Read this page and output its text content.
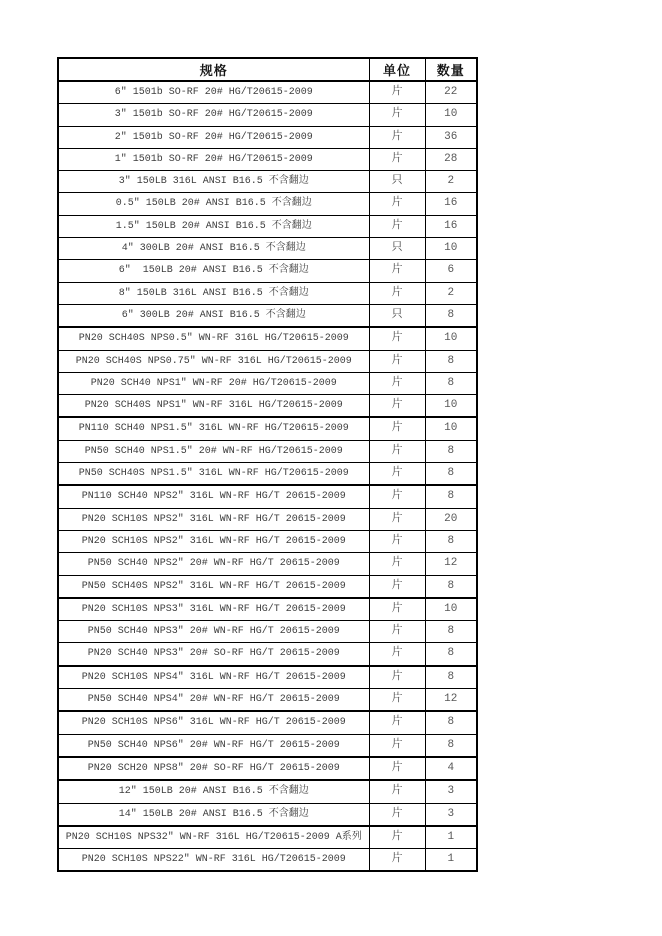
规格	单位	数量
6″ 1501b SO-RF 20# HG/T20615-2009	片	22
3″ 1501b SO-RF 20# HG/T20615-2009	片	10
2″ 1501b SO-RF 20# HG/T20615-2009	片	36
1″ 1501b SO-RF 20# HG/T20615-2009	片	28
3" 150LB 316L ANSI B16.5 不含翻边	只	2
0.5" 150LB 20# ANSI B16.5 不含翻边	片	16
1.5" 150LB 20# ANSI B16.5 不含翻边	片	16
4" 300LB 20# ANSI B16.5 不含翻边	只	10
6″  150LB 20# ANSI B16.5 不含翻边	片	6
8″ 150LB 316L ANSI B16.5 不含翻边	片	2
6" 300LB 20# ANSI B16.5 不含翻边	只	8
PN20 SCH40S NPS0.5″ WN-RF 316L HG/T20615-2009	片	10
PN20 SCH40S NPS0.75″ WN-RF 316L HG/T20615-2009	片	8
PN20 SCH40 NPS1″ WN-RF 20# HG/T20615-2009	片	8
PN20 SCH40S NPS1″ WN-RF 316L HG/T20615-2009	片	10
PN110 SCH40 NPS1.5″ 316L WN-RF HG/T20615-2009	片	10
PN50 SCH40 NPS1.5″ 20# WN-RF HG/T20615-2009	片	8
PN50 SCH40S NPS1.5″ 316L WN-RF HG/T20615-2009	片	8
PN110 SCH40 NPS2″ 316L WN-RF HG/T 20615-2009	片	8
PN20 SCH10S NPS2″ 316L WN-RF HG/T 20615-2009	片	20
PN20 SCH10S NPS2″ 316L WN-RF HG/T 20615-2009	片	8
PN50 SCH40 NPS2″ 20# WN-RF HG/T 20615-2009	片	12
PN50 SCH40S NPS2″ 316L WN-RF HG/T 20615-2009	片	8
PN20 SCH10S NPS3″ 316L WN-RF HG/T 20615-2009	片	10
PN50 SCH40 NPS3″ 20# WN-RF HG/T 20615-2009	片	8
PN20 SCH40 NPS3″ 20# SO-RF HG/T 20615-2009	片	8
PN20 SCH10S NPS4″ 316L WN-RF HG/T 20615-2009	片	8
PN50 SCH40 NPS4″ 20# WN-RF HG/T 20615-2009	片	12
PN20 SCH10S NPS6″ 316L WN-RF HG/T 20615-2009	片	8
PN50 SCH40 NPS6″ 20# WN-RF HG/T 20615-2009	片	8
PN20 SCH20 NPS8″ 20# SO-RF HG/T 20615-2009	片	4
12" 150LB 20# ANSI B16.5 不含翻边	片	3
14" 150LB 20# ANSI B16.5 不含翻边	片	3
PN20 SCH10S NPS32″ WN-RF 316L HG/T20615-2009 A系列	片	1
PN20 SCH10S NPS22″ WN-RF 316L HG/T20615-2009	片	1
